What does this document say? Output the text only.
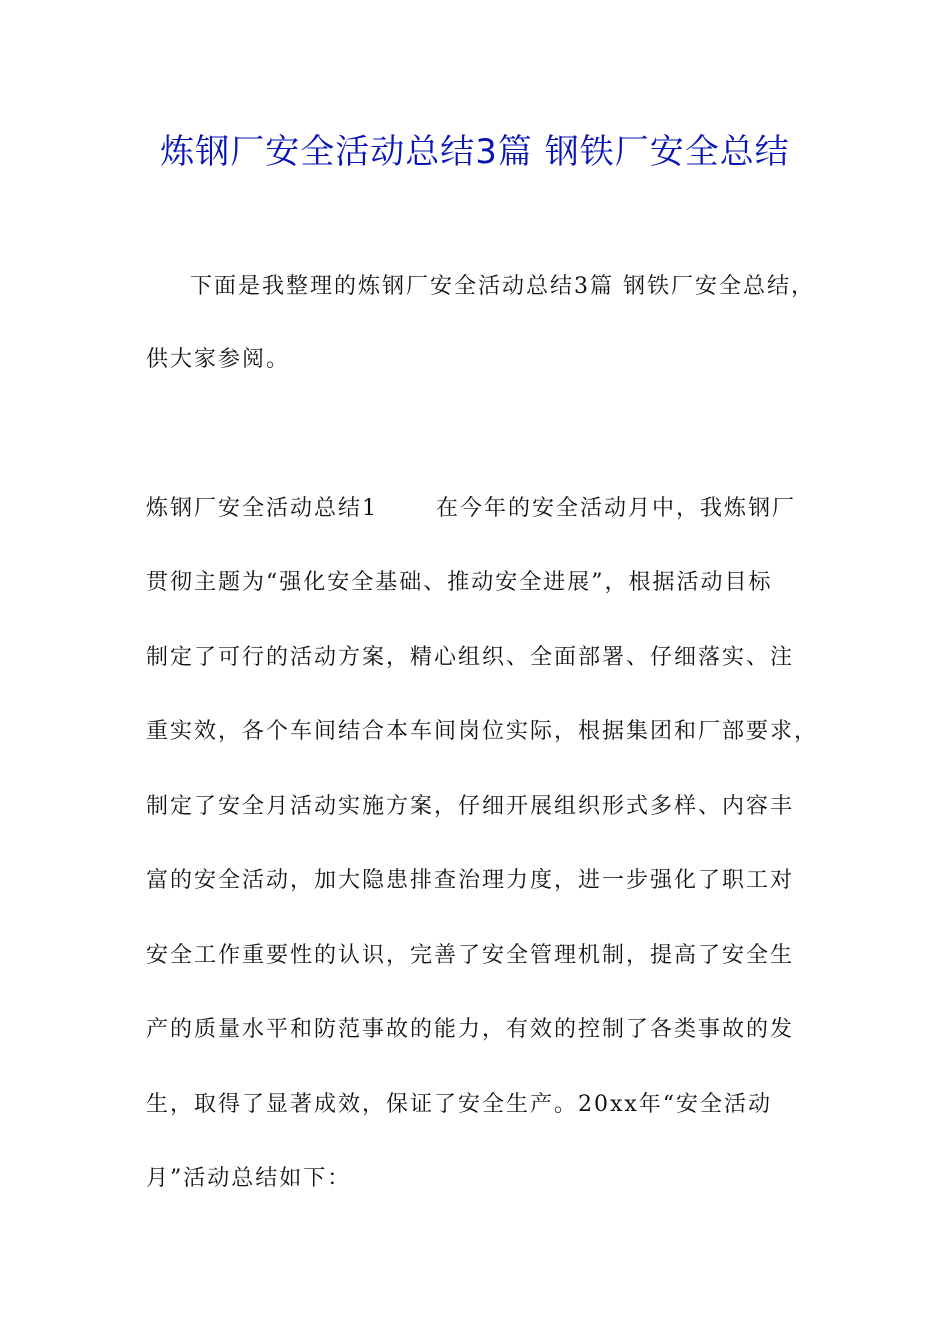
炼钢厂安全活动总结3篇 钢铁厂安全总结
下面是我整理的炼钢厂安全活动总结3篇 钢铁厂安全总结，
供大家参阅。
炼钢厂安全活动总结1	在今年的安全活动月中，我炼钢厂
贯彻主题为“强化安全基础、推动安全进展”，根据活动目标
制定了可行的活动方案，精心组织、全面部署、仔细落实、注
重实效，各个车间结合本车间岗位实际，根据集团和厂部要求，
制定了安全月活动实施方案，仔细开展组织形式多样、内容丰
富的安全活动，加大隐患排查治理力度，进一步强化了职工对
安全工作重要性的认识，完善了安全管理机制，提高了安全生
产的质量水平和防范事故的能力，有效的控制了各类事故的发
生，取得了显著成效，保证了安全生产。20xx年“安全活动
月”活动总结如下：
